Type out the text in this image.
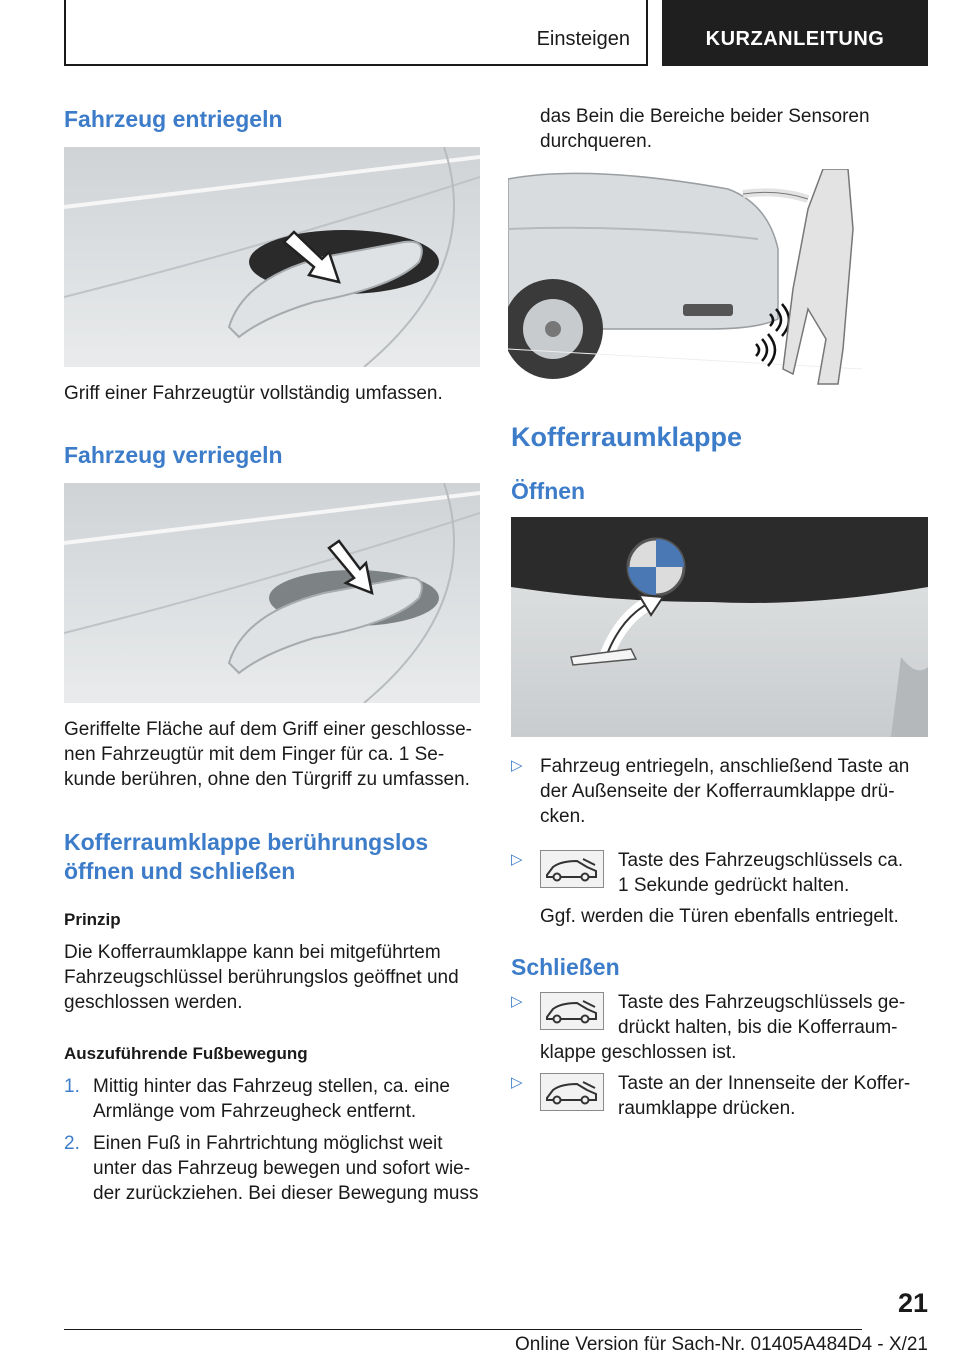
Einsteigen	KURZANLEITUNG
Fahrzeug entriegeln

Griff einer Fahrzeugtür vollständig umfassen.

Fahrzeug verriegeln

Geriffelte Fläche auf dem Griff einer geschlosse-

nen Fahrzeugtür mit dem Finger für ca. 1 Se-

kunde berühren, ohne den Türgriff zu umfassen.

Kofferraumklappe berührungslos
öffnen und schließen
Prinzip

Die Kofferraumklappe kann bei mitgeführtem

Fahrzeugschlüssel berührungslos geöffnet und

geschlossen werden.

Auszuführende Fußbewegung
1. Mittig hinter das Fahrzeug stellen, ca. eine

Armlänge vom Fahrzeugheck entfernt.

2. Einen Fuß in Fahrtrichtung möglichst weit

unter das Fahrzeug bewegen und sofort wie-

der zurückziehen. Bei dieser Bewegung muss

das Bein die Bereiche beider Sensoren

durchqueren.

Kofferraumklappe
Öffnen
▷ Fahrzeug entriegeln, anschließend Taste an

der Außenseite der Kofferraumklappe drü-

cken.

▷	Taste des Fahrzeugschlüssels ca.

1 Sekunde gedrückt halten.

Ggf. werden die Türen ebenfalls entriegelt.

Schließen
▷	Taste des Fahrzeugschlüssels ge-

drückt halten, bis die Kofferraum-

klappe geschlossen ist.

▷	Taste an der Innenseite der Koffer-

raumklappe drücken.

21
Online Version für Sach-Nr. 01405A484D4 - X/21
